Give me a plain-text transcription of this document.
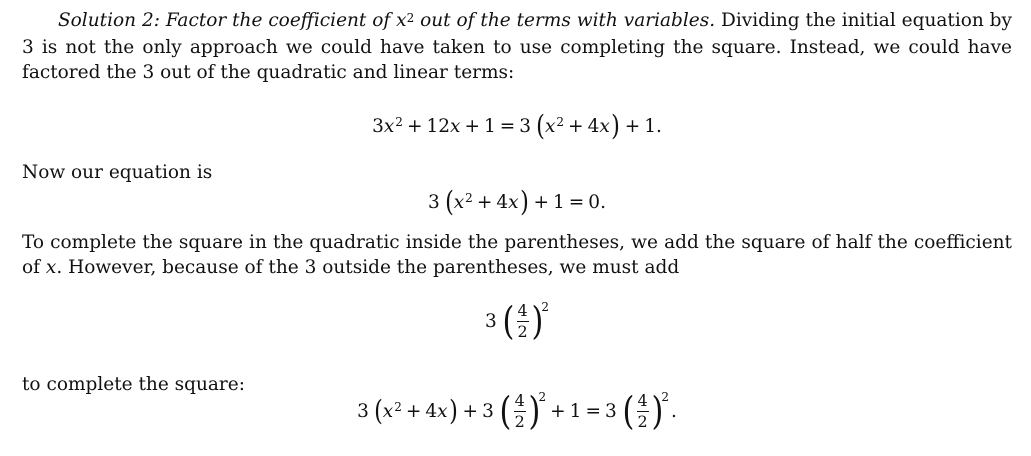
Solution 2: Factor the coefficient of $x^2$ out of the terms with variables. Dividing the initial equation by 3 is not the only approach we could have taken to use completing the square. Instead, we could have factored the 3 out of the quadratic and linear terms:

3 $x^2 + 12$ x + 1 = 3 ( $x^2 + 4$ x ) + 1 .

Now our equation is

3 ( $x^2 + 4$ x ) + 1 = 0 .

To complete the square in the quadratic inside the parentheses, we add the square of half the coefficient of x. However, because of the 3 outside the parentheses, we must add

3 ( $\frac{4}{2}$ )
2

to complete the square:

3 ( $x^2 + 4$ x ) + 3 ( $\frac{4}{2}$ )
2
+ 1 = 3 ( $\frac{4}{2}$ )
2
.
